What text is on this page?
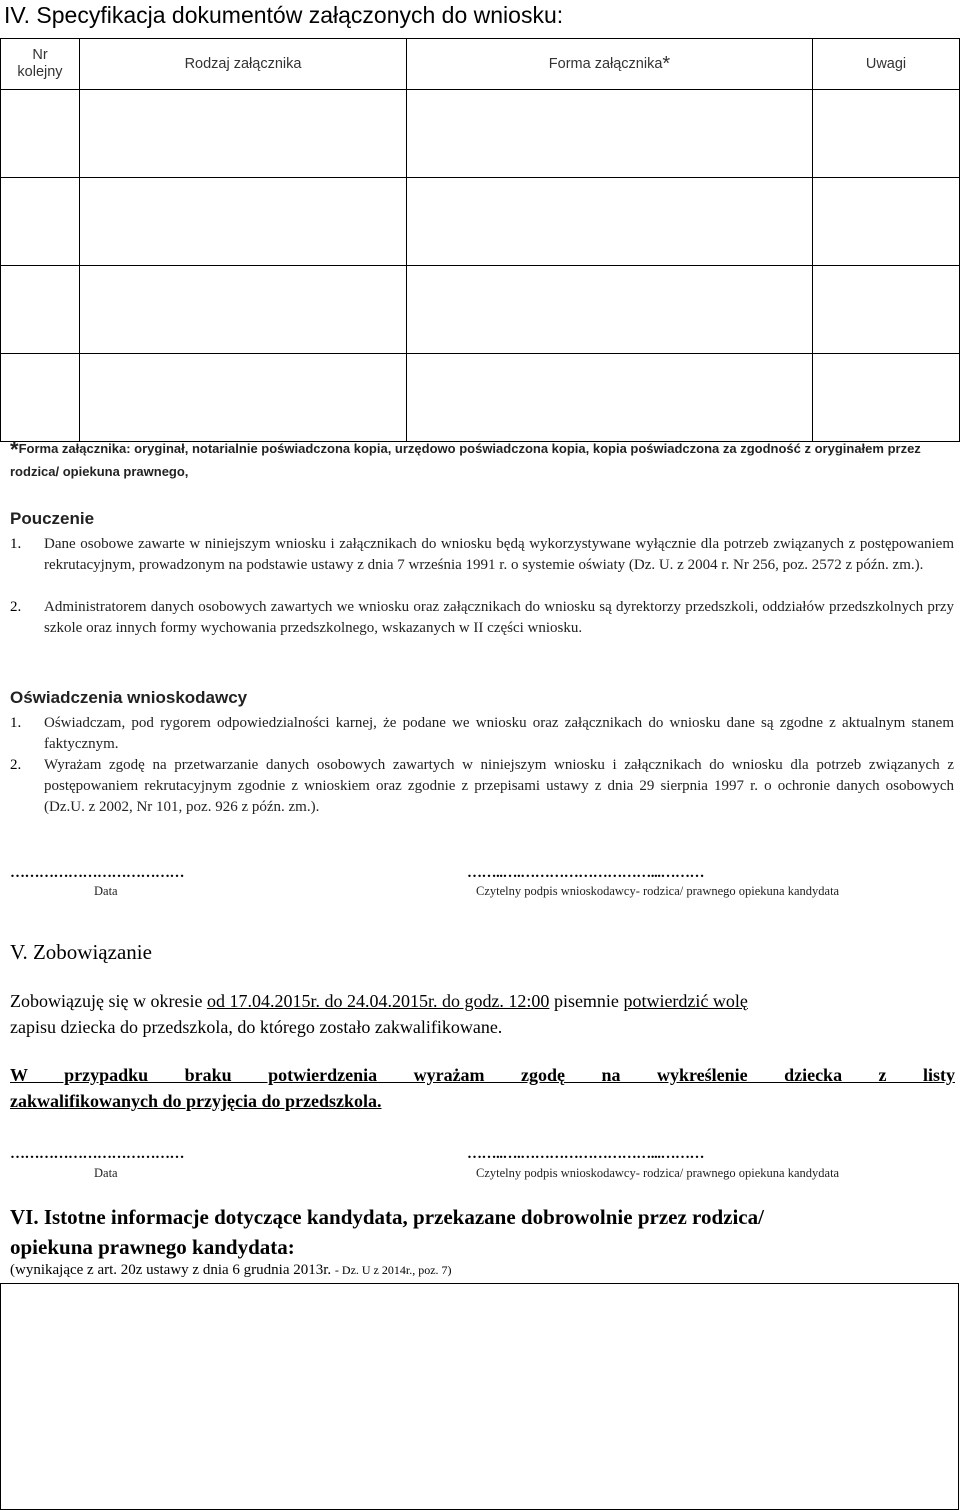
IV. Specyfikacja dokumentów załączonych do wniosku:
Nr
kolejny	Rodzaj załącznika	Forma załącznika*	Uwagi

*Forma załącznika: oryginał, notarialnie poświadczona kopia, urzędowo poświadczona kopia, kopia poświadczona za zgodność z oryginałem przez rodzica/ opiekuna prawnego,
Pouczenie
1. Dane osobowe zawarte w niniejszym wniosku i załącznikach do wniosku będą wykorzystywane wyłącznie dla potrzeb związanych z postępowaniem rekrutacyjnym, prowadzonym na podstawie ustawy z dnia 7 września 1991 r. o systemie oświaty (Dz. U. z 2004 r. Nr 256, poz. 2572 z późn. zm.).
2. Administratorem danych osobowych zawartych we wniosku oraz załącznikach do wniosku są dyrektorzy przedszkoli, oddziałów przedszkolnych przy szkole oraz innych formy wychowania przedszkolnego, wskazanych w II części wniosku.
Oświadczenia wnioskodawcy
1. Oświadczam, pod rygorem odpowiedzialności karnej, że podane we wniosku oraz załącznikach do wniosku dane są zgodne z aktualnym stanem faktycznym.
2. Wyrażam zgodę na przetwarzanie danych osobowych zawartych w niniejszym wniosku i załącznikach do wniosku dla potrzeb związanych z postępowaniem rekrutacyjnym zgodnie z wnioskiem oraz zgodnie z przepisami ustawy z dnia 29 sierpnia 1997 r. o ochronie danych osobowych (Dz.U. z 2002, Nr 101, poz. 926 z późn. zm.).
………………………………
Data
……..….………………………...………
Czytelny podpis wnioskodawcy- rodzica/ prawnego opiekuna kandydata
V. Zobowiązanie
Zobowiązuję się w okresie od 17.04.2015r. do 24.04.2015r. do godz. 12:00 pisemnie potwierdzić wolę
zapisu dziecka do przedszkola, do którego zostało zakwalifikowane.
W przypadku braku potwierdzenia wyrażam zgodę na wykreślenie dziecka z listy
zakwalifikowanych do przyjęcia do przedszkola.
………………………………
Data
……..….………………………...………
Czytelny podpis wnioskodawcy- rodzica/ prawnego opiekuna kandydata
VI. Istotne informacje dotyczące kandydata, przekazane dobrowolnie przez rodzica/
opiekuna prawnego kandydata:
(wynikające z art. 20z ustawy z dnia 6 grudnia 2013r. - Dz. U z 2014r., poz. 7)
